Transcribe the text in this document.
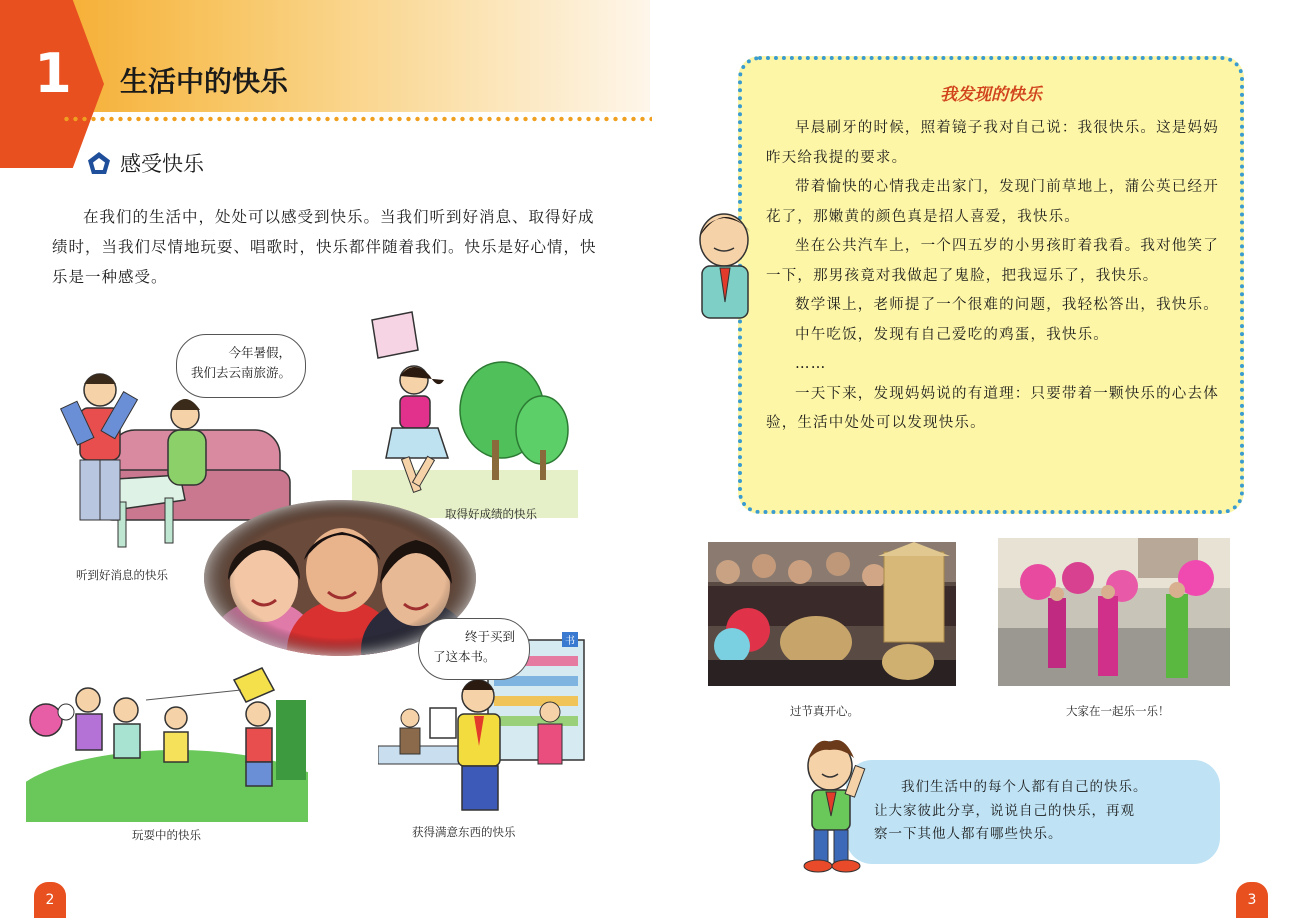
1 生活中的快乐
感受快乐
在我们的生活中，处处可以感受到快乐。当我们听到好消息、取得好成绩时，当我们尽情地玩耍、唱歌时，快乐都伴随着我们。快乐是好心情，快乐是一种感受。
今年暑假，
我们去云南旅游。
听到好消息的快乐
取得好成绩的快乐
玩耍中的快乐
书
终于买到
了这本书。
获得满意东西的快乐
2
我发现的快乐

早晨刷牙的时候，照着镜子我对自己说：我很快乐。这是妈妈昨天给我提的要求。

带着愉快的心情我走出家门，发现门前草地上，蒲公英已经开花了，那嫩黄的颜色真是招人喜爱，我快乐。

坐在公共汽车上，一个四五岁的小男孩盯着我看。我对他笑了一下，那男孩竟对我做起了鬼脸，把我逗乐了，我快乐。

数学课上，老师提了一个很难的问题，我轻松答出，我快乐。

中午吃饭，发现有自己爱吃的鸡蛋，我快乐。

……

一天下来，发现妈妈说的有道理：只要带着一颗快乐的心去体验，生活中处处可以发现快乐。

过节真开心。	大家在一起乐一乐！
我们生活中的每个人都有自己的快乐。
让大家彼此分享，说说自己的快乐，再观
察一下其他人都有哪些快乐。
3
